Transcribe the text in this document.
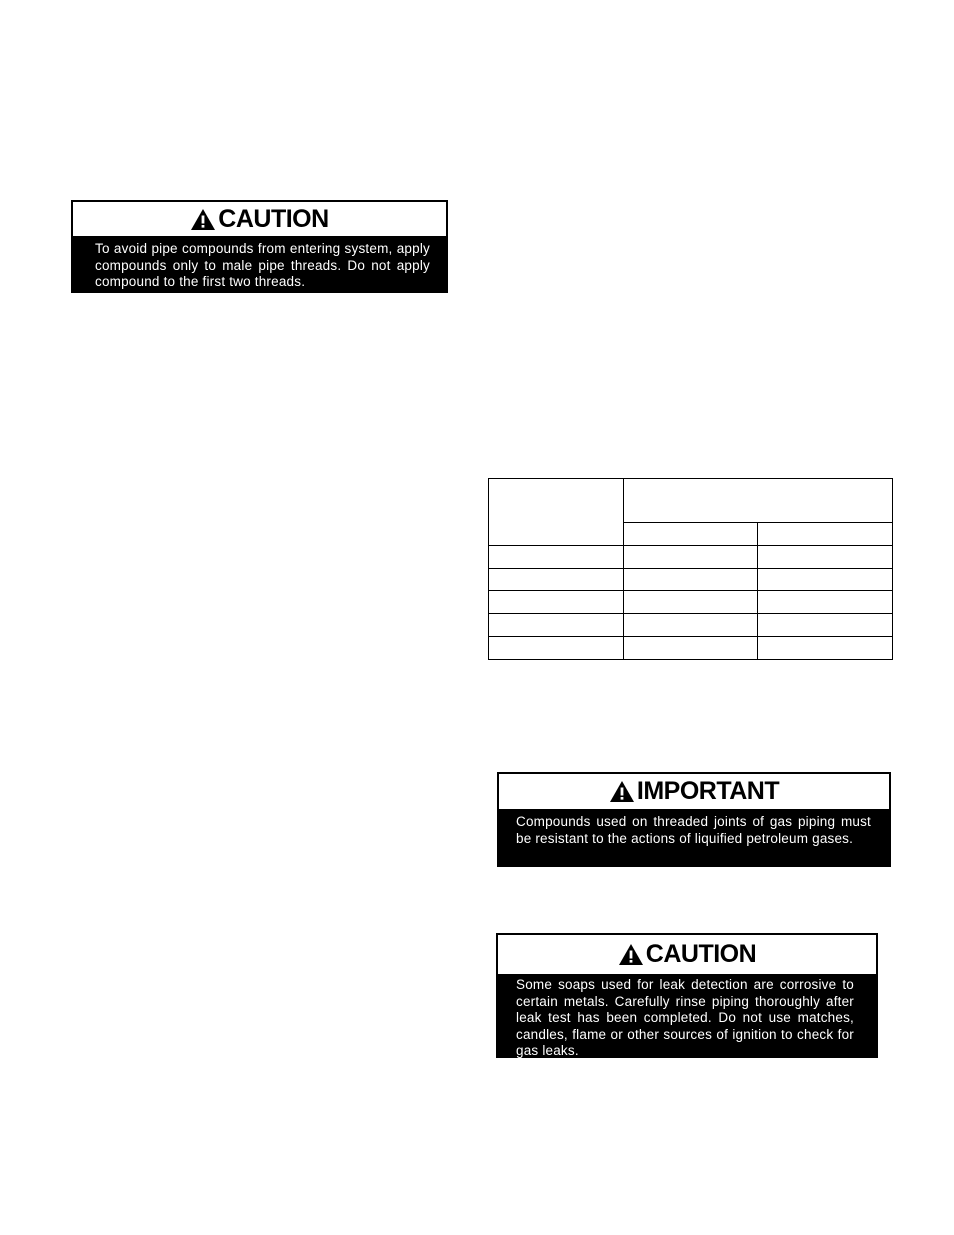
CAUTION
To avoid pipe compounds from entering system, apply compounds only to male pipe threads. Do not apply compound to the first two threads.

IMPORTANT
Compounds used on threaded joints of gas piping must be resistant to the actions of liquified petroleum gases.
CAUTION
Some soaps used for leak detection are corrosive to certain metals. Carefully rinse piping thoroughly after leak test has been completed. Do not use matches, candles, flame or other sources of ignition to check for gas leaks.
